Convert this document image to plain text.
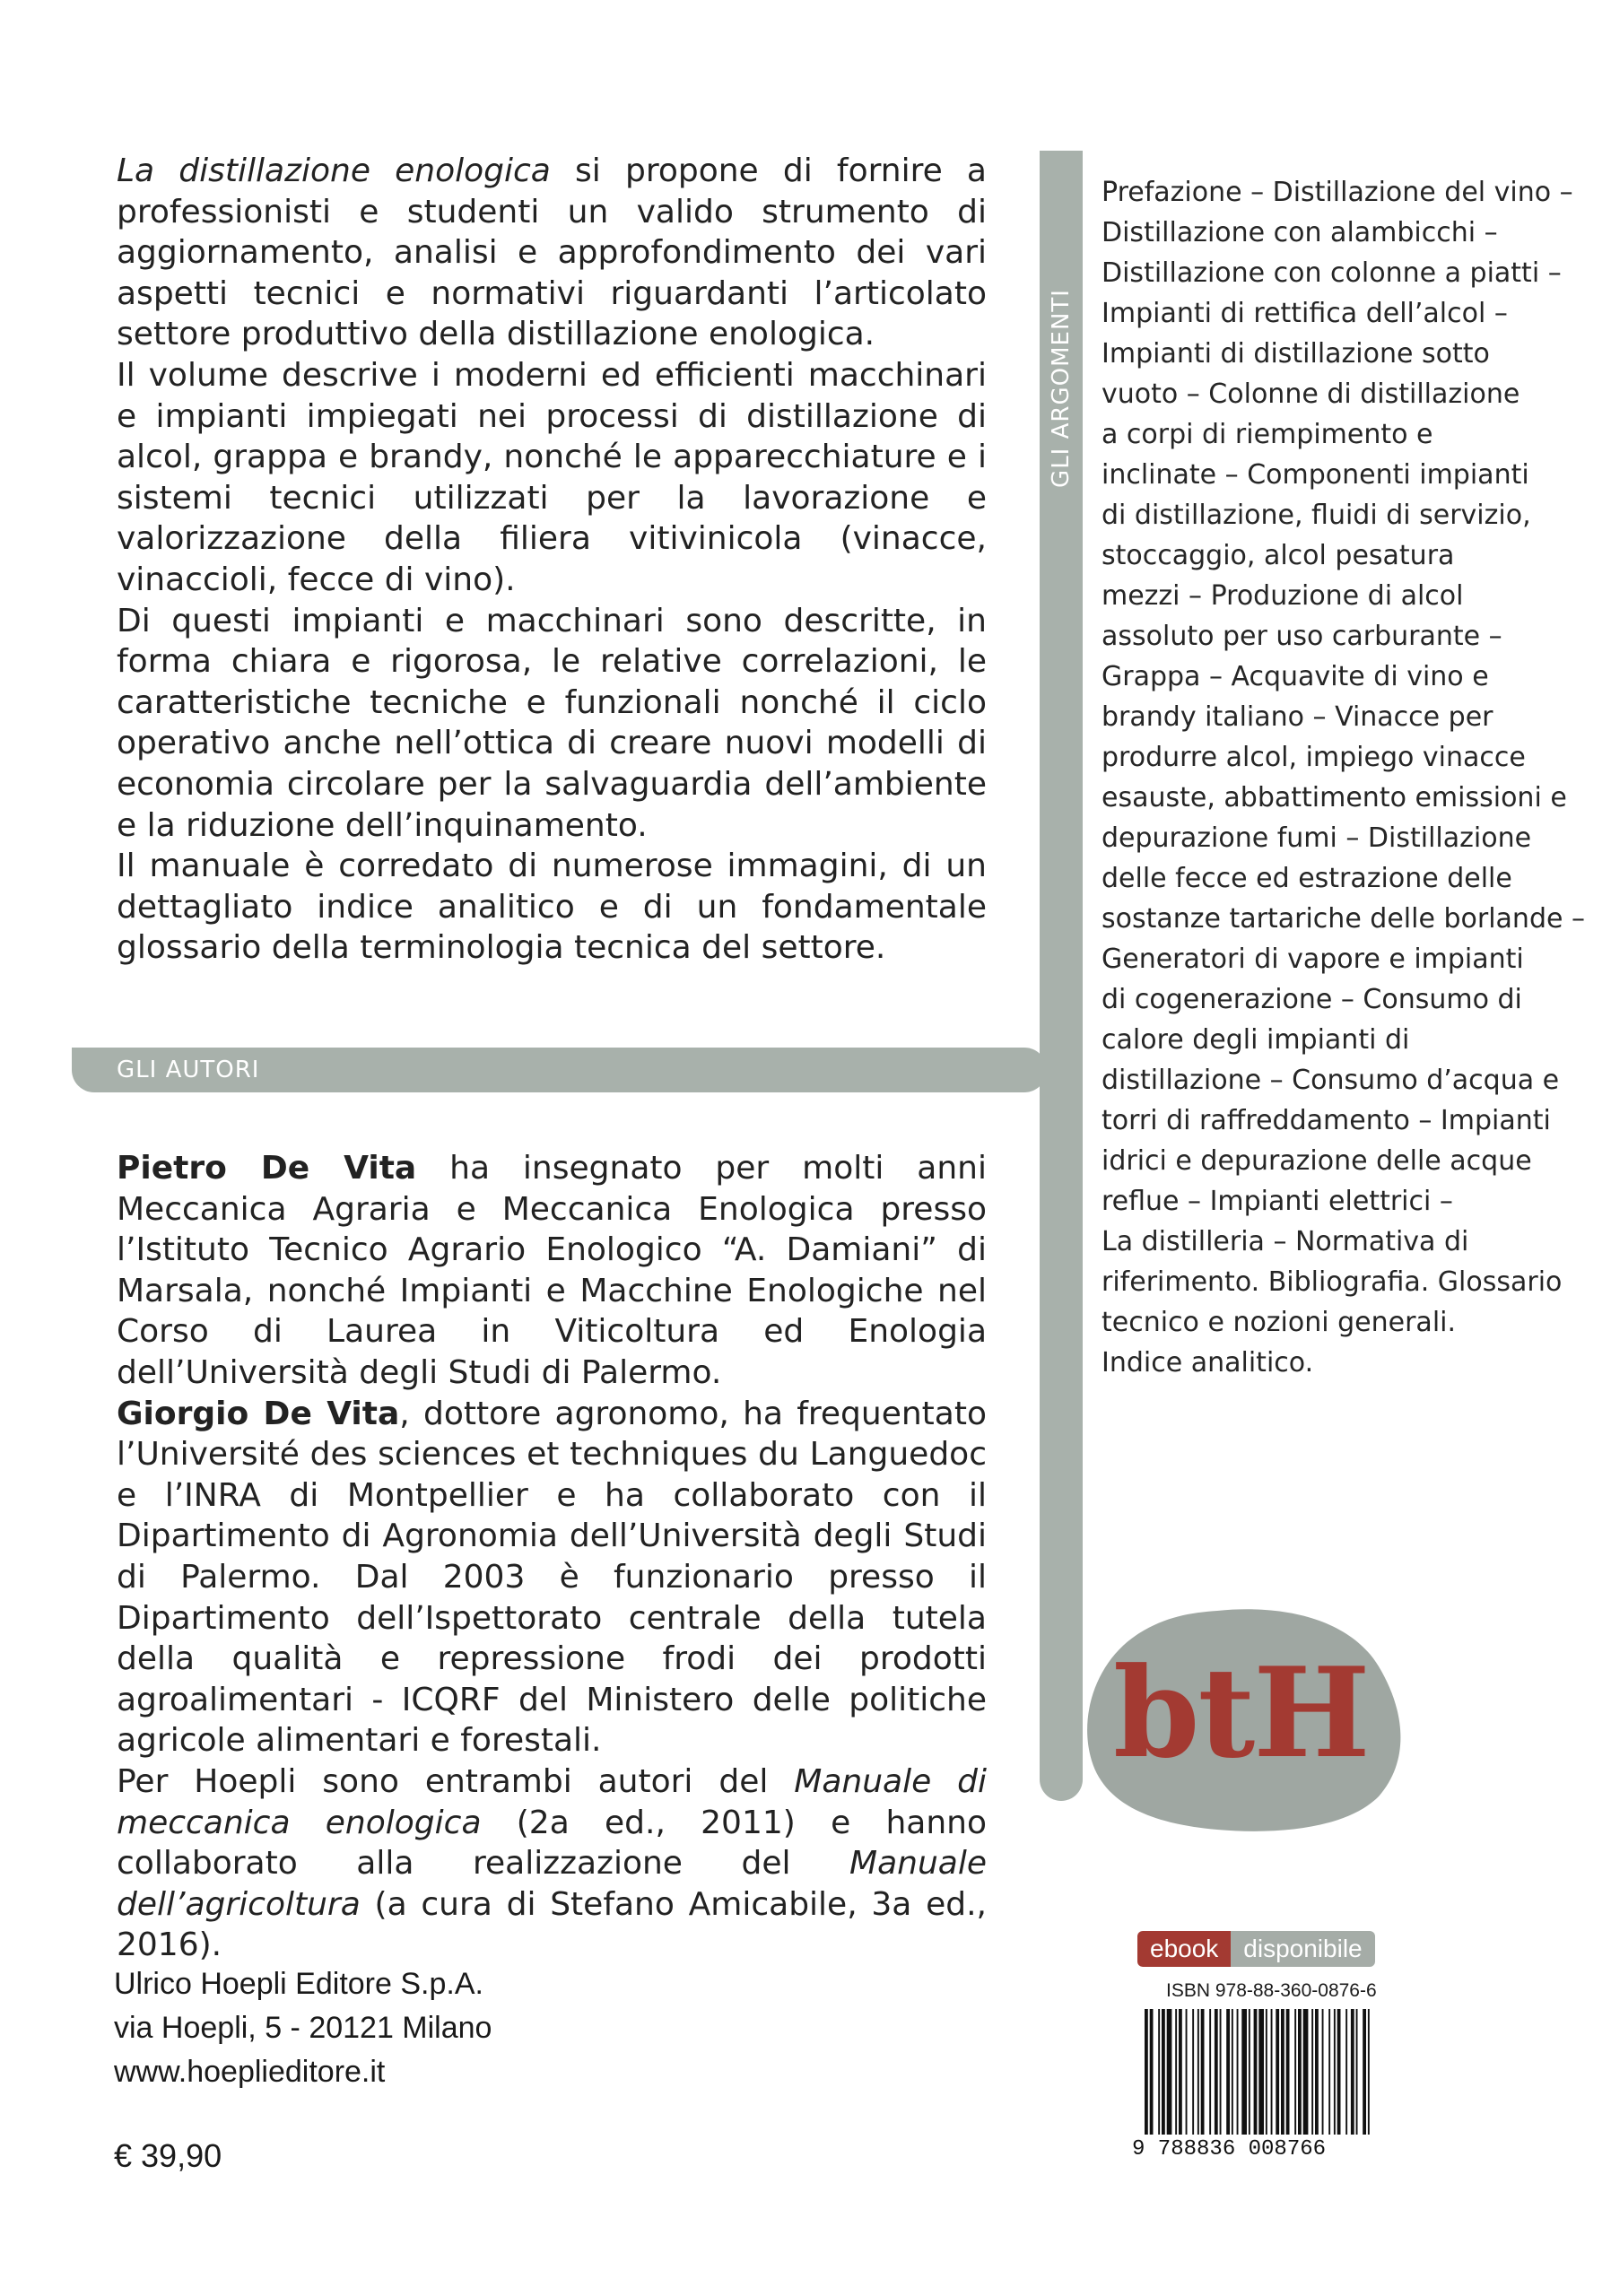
La distillazione enologica si propone di fornire a professionisti e studenti un valido strumento di aggiornamento, analisi e approfondimento dei vari aspetti tecnici e normativi riguardanti l’articolato settore produttivo della distillazione enologica.

Il volume descrive i moderni ed efficienti macchinari e impianti impiegati nei processi di distillazione di alcol, grappa e brandy, nonché le apparecchiature e i sistemi tecnici utilizzati per la lavorazione e valorizzazione della filiera vitivinicola (vinacce, vinaccioli, fecce di vino).

Di questi impianti e macchinari sono descritte, in forma chiara e rigorosa, le relative correlazioni, le caratteristiche tecniche e funzionali nonché il ciclo operativo anche nell’ottica di creare nuovi modelli di economia circolare per la salvaguardia dell’ambiente e la riduzione dell’inquinamento.

Il manuale è corredato di numerose immagini, di un dettagliato indice analitico e di un fondamentale glossario della terminologia tecnica del settore.

GLI ARGOMENTI
GLI AUTORI
Prefazione – Distillazione del vino –
Distillazione con alambicchi –
Distillazione con colonne a piatti –
Impianti di rettifica dell’alcol –
Impianti di distillazione sotto
vuoto – Colonne di distillazione
a corpi di riempimento e
inclinate – Componenti impianti
di distillazione, fluidi di servizio,
stoccaggio, alcol pesatura
mezzi – Produzione di alcol
assoluto per uso carburante –
Grappa – Acquavite di vino e
brandy italiano – Vinacce per
produrre alcol, impiego vinacce
esauste, abbattimento emissioni e
depurazione fumi – Distillazione
delle fecce ed estrazione delle
sostanze tartariche delle borlande –
Generatori di vapore e impianti
di cogenerazione – Consumo di
calore degli impianti di
distillazione – Consumo d’acqua e
torri di raffreddamento – Impianti
idrici e depurazione delle acque
reflue – Impianti elettrici –
La distilleria – Normativa di
riferimento. Bibliografia. Glossario
tecnico e nozioni generali.
Indice analitico.

Pietro De Vita ha insegnato per molti anni Meccanica Agraria e Meccanica Enologica presso l’Istituto Tecnico Agrario Enologico “A. Damiani” di Marsala, nonché Impianti e Macchine Enologiche nel Corso di Laurea in Viticoltura ed Enologia dell’Università degli Studi di Palermo.

Giorgio De Vita, dottore agronomo, ha frequentato l’Université des sciences et techniques du Languedoc e l’INRA di Montpellier e ha collaborato con il Dipartimento di Agronomia dell’Università degli Studi di Palermo. Dal 2003 è funzionario presso il Dipartimento dell’Ispettorato centrale della tutela della qualità e repressione frodi dei prodotti agroalimentari - ICQRF del Ministero delle politiche agricole alimentari e forestali.

Per Hoepli sono entrambi autori del Manuale di meccanica enologica (2a ed., 2011) e hanno collaborato alla realizzazione del Manuale dell’agricoltura (a cura di Stefano Amicabile, 3a ed., 2016).

btH
Ulrico Hoepli Editore S.p.A.
via Hoepli, 5 - 20121 Milano
www.hoeplieditore.it
€ 39,90
ebook	disponibile
ISBN 978-88-360-0876-6
9 788836 008766
